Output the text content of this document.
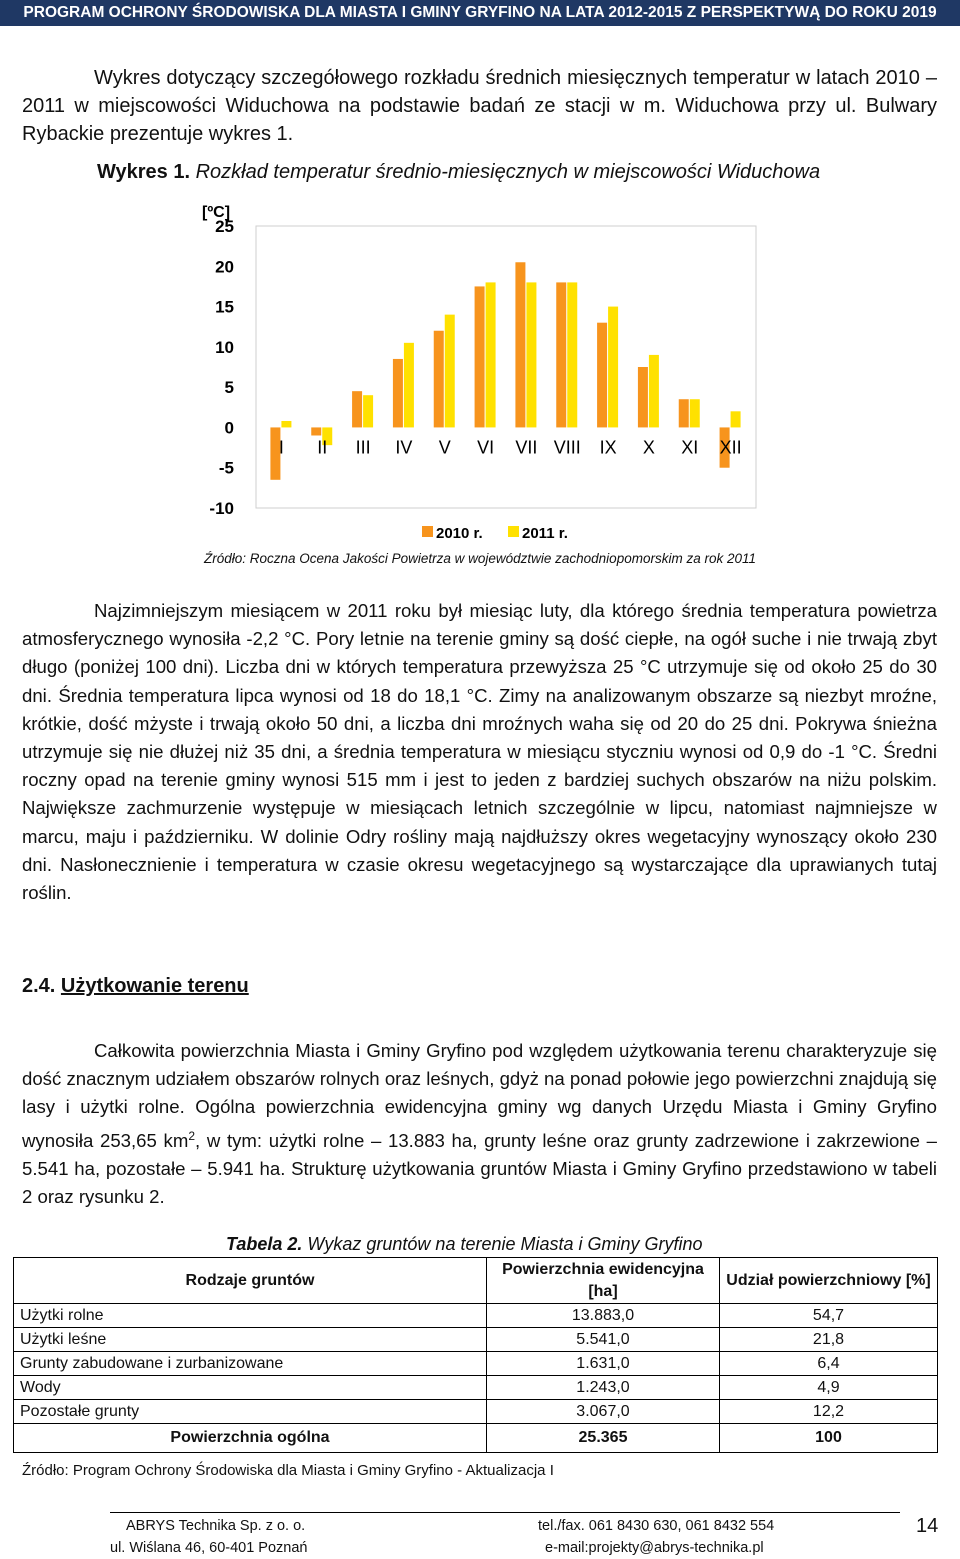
PROGRAM OCHRONY ŚRODOWISKA DLA MIASTA I GMINY GRYFINO NA LATA 2012-2015 Z PERSPEKTYWĄ DO ROKU 2019
Wykres dotyczący szczegółowego rozkładu średnich miesięcznych temperatur w latach 2010 – 2011 w miejscowości Widuchowa na podstawie badań ze stacji w m. Widuchowa przy ul. Bulwary Rybackie prezentuje wykres 1.
Wykres 1. Rozkład temperatur średnio-miesięcznych w miejscowości Widuchowa
[ºC]
25
20
15
10
5
0
-5
-10
I II III IV V VI VII VIII IX X XI XII
2010 r.	2011 r.
Źródło: Roczna Ocena Jakości Powietrza w województwie zachodniopomorskim za rok 2011
Najzimniejszym miesiącem w 2011 roku był miesiąc luty, dla którego średnia temperatura powietrza atmosferycznego wynosiła -2,2 °C. Pory letnie na terenie gminy są dość ciepłe, na ogół suche i nie trwają zbyt długo (poniżej 100 dni). Liczba dni w których temperatura przewyższa 25 °C utrzymuje się od około 25 do 30 dni. Średnia temperatura lipca wynosi od 18 do 18,1 °C. Zimy na analizowanym obszarze są niezbyt mroźne, krótkie, dość mżyste i trwają około 50 dni, a liczba dni mroźnych waha się od 20 do 25 dni. Pokrywa śnieżna utrzymuje się nie dłużej niż 35 dni, a średnia temperatura w miesiącu styczniu wynosi od 0,9 do -1 °C. Średni roczny opad na terenie gminy wynosi 515 mm i jest to jeden z bardziej suchych obszarów na niżu polskim. Największe zachmurzenie występuje w miesiącach letnich szczególnie w lipcu, natomiast najmniejsze w marcu, maju i październiku. W dolinie Odry rośliny mają najdłuższy okres wegetacyjny wynoszący około 230 dni. Nasłonecznienie i temperatura w czasie okresu wegetacyjnego są wystarczające dla uprawianych tutaj roślin.
2.4. Użytkowanie terenu
Całkowita powierzchnia Miasta i Gminy Gryfino pod względem użytkowania terenu charakteryzuje się dość znacznym udziałem obszarów rolnych oraz leśnych, gdyż na ponad połowie jego powierzchni znajdują się lasy i użytki rolne. Ogólna powierzchnia ewidencyjna gminy wg danych Urzędu Miasta i Gminy Gryfino wynosiła 253,65 $km^2$, w tym: użytki rolne – 13.883 ha, grunty leśne oraz grunty zadrzewione i zakrzewione – 5.541 ha, pozostałe – 5.941 ha. Strukturę użytkowania gruntów Miasta i Gminy Gryfino przedstawiono w tabeli 2 oraz rysunku 2.
Tabela 2. Wykaz gruntów na terenie Miasta i Gminy Gryfino
Rodzaje gruntów	Powierzchnia ewidencyjna [ha]	Udział powierzchniowy [%]
Użytki rolne	13.883,0	54,7
Użytki leśne	5.541,0	21,8
Grunty zabudowane i zurbanizowane	1.631,0	6,4
Wody	1.243,0	4,9
Pozostałe grunty	3.067,0	12,2
Powierzchnia ogólna	25.365	100
Źródło: Program Ochrony Środowiska dla Miasta i Gminy Gryfino - Aktualizacja I
ABRYS Technika Sp. z o. o.
ul. Wiślana 46, 60-401 Poznań
tel./fax. 061 8430 630, 061 8432 554
e-mail:projekty@abrys-technika.pl
14
